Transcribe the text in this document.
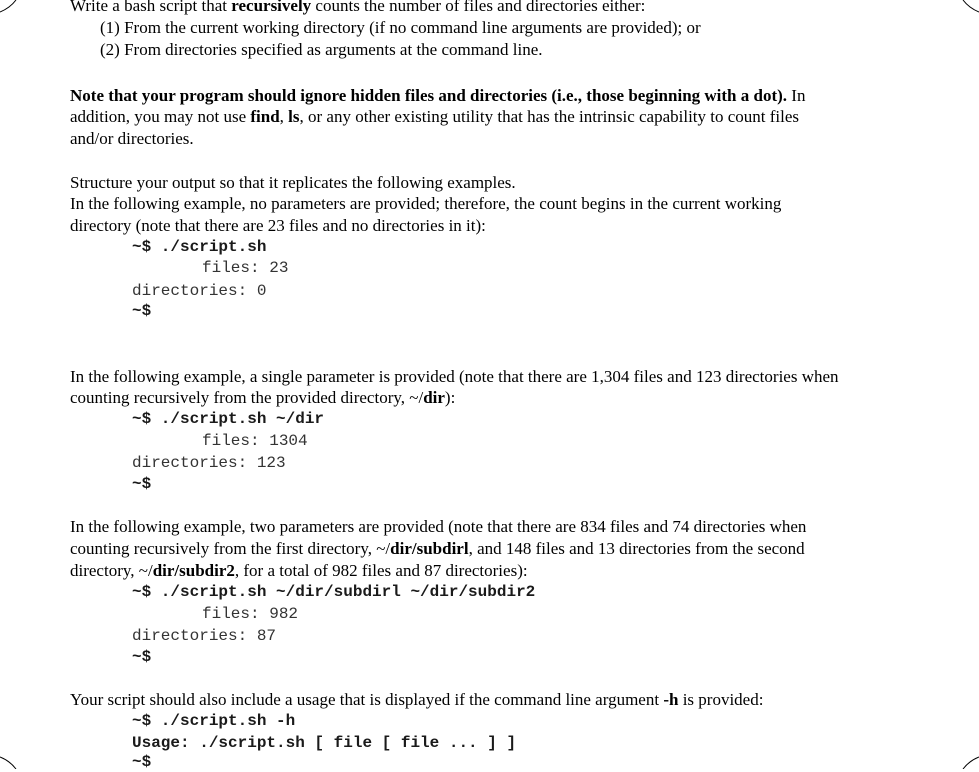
Write a bash script that recursively counts the number of files and directories either:
(1) From the current working directory (if no command line arguments are provided); or
(2) From directories specified as arguments at the command line.
Note that your program should ignore hidden files and directories (i.e., those beginning with a dot). In
addition, you may not use find, ls, or any other existing utility that has the intrinsic capability to count files
and/or directories.
Structure your output so that it replicates the following examples.
In the following example, no parameters are provided; therefore, the count begins in the current working
directory (note that there are 23 files and no directories in it):
~$ ./script.sh
files: 23
directories: 0
~$
In the following example, a single parameter is provided (note that there are 1,304 files and 123 directories when
counting recursively from the provided directory, ~/dir):
~$ ./script.sh ~/dir
files: 1304
directories: 123
~$
In the following example, two parameters are provided (note that there are 834 files and 74 directories when
counting recursively from the first directory, ~/dir/subdirl, and 148 files and 13 directories from the second
directory, ~/dir/subdir2, for a total of 982 files and 87 directories):
~$ ./script.sh ~/dir/subdirl ~/dir/subdir2
files: 982
directories: 87
~$
Your script should also include a usage that is displayed if the command line argument -h is provided:
~$ ./script.sh -h
Usage: ./script.sh [ file [ file ... ] ]
~$
